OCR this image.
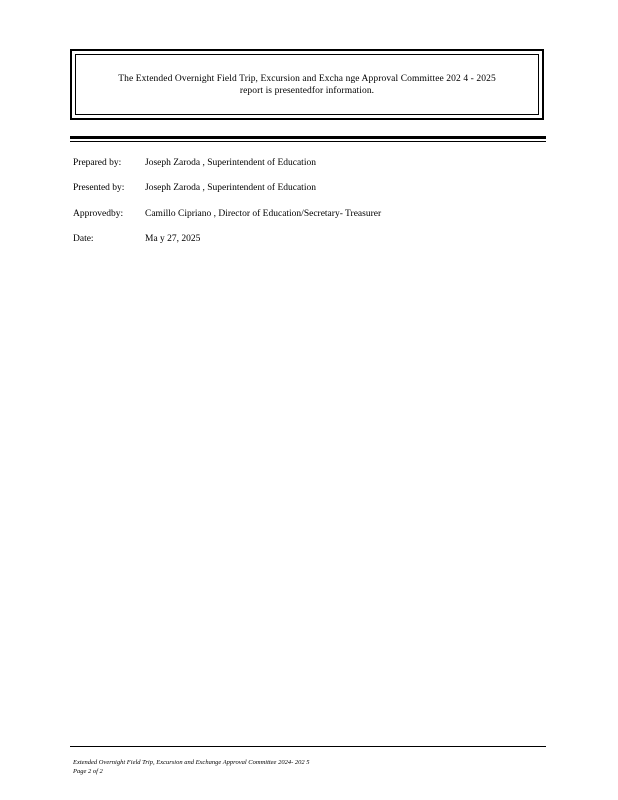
The Extended Overnight Field Trip, Excursion and Excha nge Approval Committee 202 4 - 2025
report is presentedfor information.
Prepared by: Joseph Zaroda , Superintendent of Education
Presented by: Joseph Zaroda , Superintendent of Education
Approvedby: Camillo Cipriano , Director of Education/Secretary- Treasurer
Date:	Ma y 27, 2025
Extended Overnight Field Trip, Excursion and Exchange Approval Committee 2024- 202 5
Page 2 of 2
